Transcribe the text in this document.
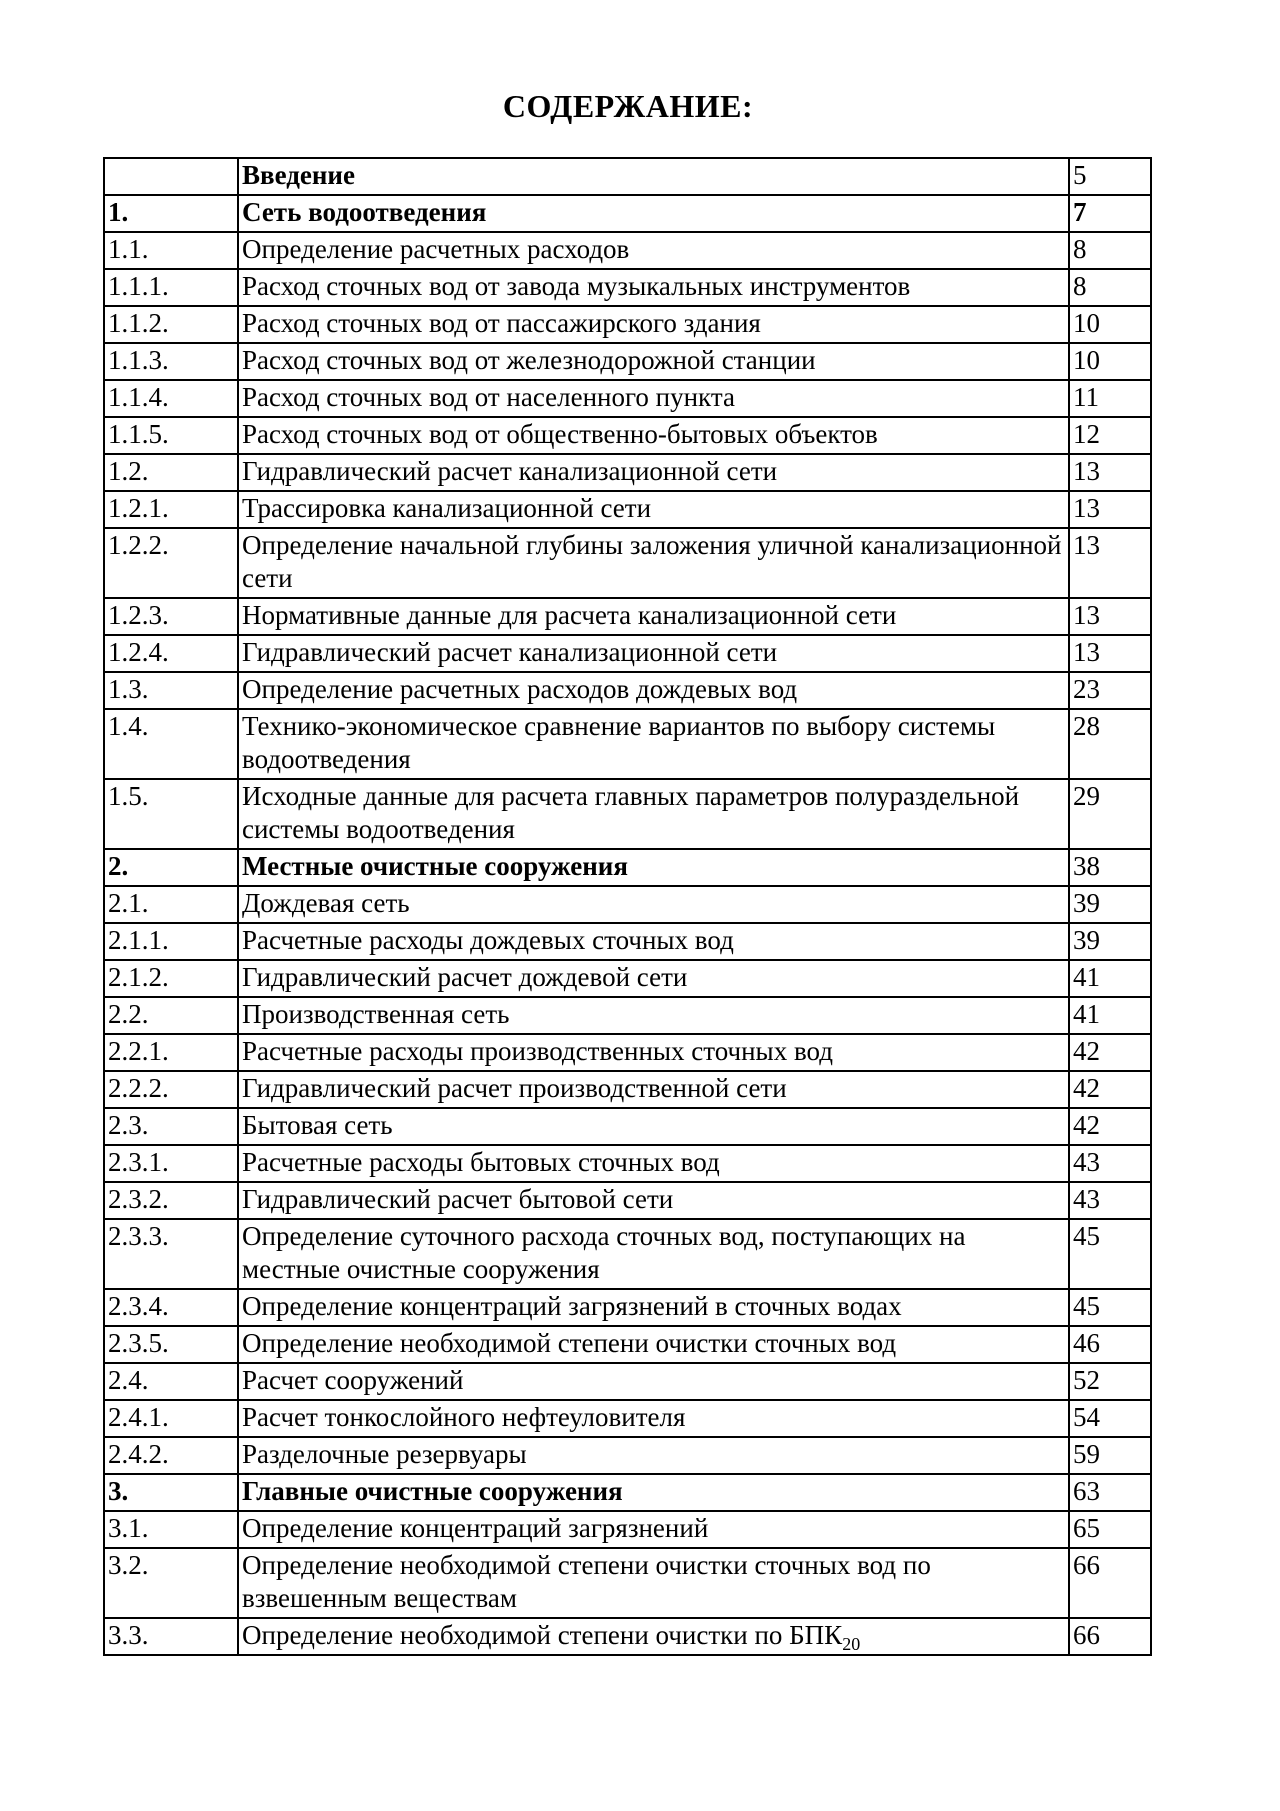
СОДЕРЖАНИЕ:
	Введение	5
1.	Сеть водоотведения	7
1.1.	Определение расчетных расходов	8
1.1.1.	Расход сточных вод от завода музыкальных инструментов	8
1.1.2.	Расход сточных вод от пассажирского здания	10
1.1.3.	Расход сточных вод от железнодорожной станции	10
1.1.4.	Расход сточных вод от населенного пункта	11
1.1.5.	Расход сточных вод от общественно-бытовых объектов	12
1.2.	Гидравлический расчет канализационной сети	13
1.2.1.	Трассировка канализационной сети	13
1.2.2.	Определение начальной глубины заложения уличной канализационной сети	13
1.2.3.	Нормативные данные для расчета канализационной сети	13
1.2.4.	Гидравлический расчет канализационной сети	13
1.3.	Определение расчетных расходов дождевых вод	23
1.4.	Технико-экономическое сравнение вариантов по выбору системы водоотведения	28
1.5.	Исходные данные для расчета главных параметров полураздельной системы водоотведения	29
2.	Местные очистные сооружения	38
2.1.	Дождевая сеть	39
2.1.1.	Расчетные расходы дождевых сточных вод	39
2.1.2.	Гидравлический расчет дождевой сети	41
2.2.	Производственная сеть	41
2.2.1.	Расчетные расходы производственных сточных вод	42
2.2.2.	Гидравлический расчет производственной сети	42
2.3.	Бытовая сеть	42
2.3.1.	Расчетные расходы бытовых сточных вод	43
2.3.2.	Гидравлический расчет бытовой сети	43
2.3.3.	Определение суточного расхода сточных вод, поступающих на местные очистные сооружения	45
2.3.4.	Определение концентраций загрязнений в сточных водах	45
2.3.5.	Определение необходимой степени очистки сточных вод	46
2.4.	Расчет сооружений	52
2.4.1.	Расчет тонкослойного нефтеуловителя	54
2.4.2.	Разделочные резервуары	59
3.	Главные очистные сооружения	63
3.1.	Определение концентраций загрязнений	65
3.2.	Определение необходимой степени очистки сточных вод по взвешенным веществам	66
3.3.	Определение необходимой степени очистки по $БПК_{20}$	66
